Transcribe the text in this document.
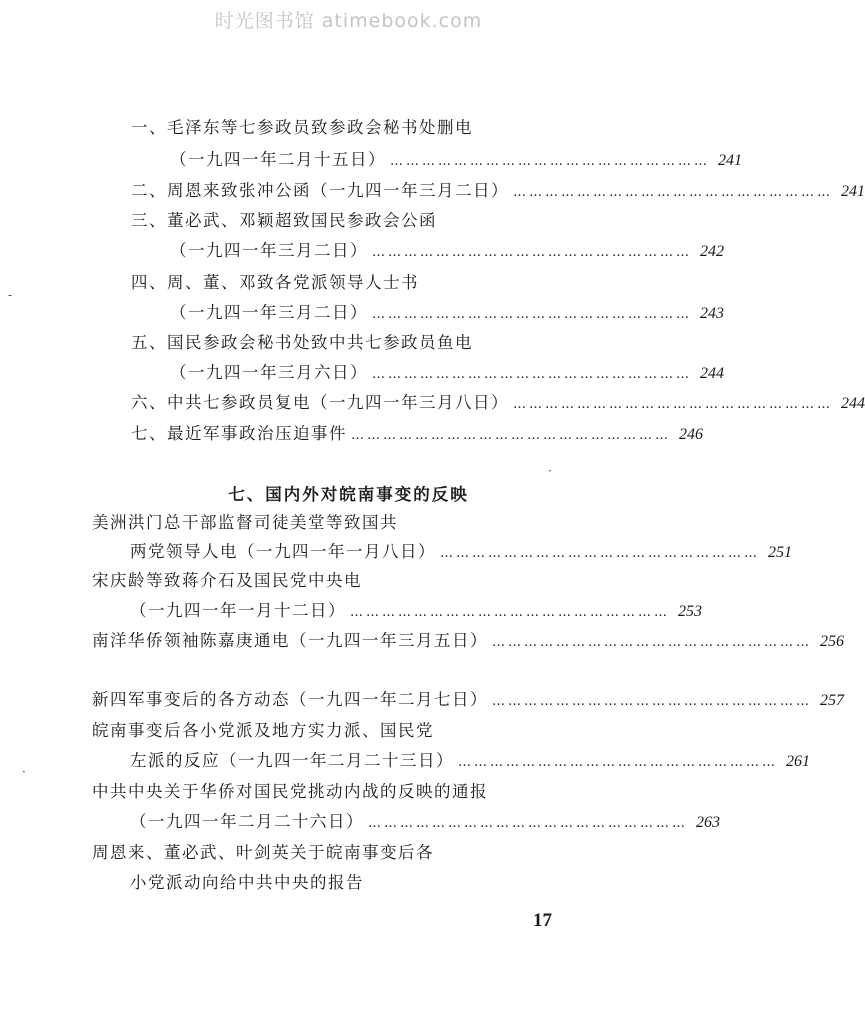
时光图书馆 atimebook.com
一、毛泽东等七参政员致参政会秘书处删电
（一九四一年二月十五日） …………………………………………………… 241
二、周恩来致张冲公函（一九四一年三月二日） …………………………………………………… 241
三、董必武、邓颖超致国民参政会公函
（一九四一年三月二日） …………………………………………………… 242
四、周、董、邓致各党派领导人士书
（一九四一年三月二日） …………………………………………………… 243
五、国民参政会秘书处致中共七参政员鱼电
（一九四一年三月六日） …………………………………………………… 244
六、中共七参政员复电（一九四一年三月八日） …………………………………………………… 244
七、最近军事政治压迫事件 …………………………………………………… 246
七、国内外对皖南事变的反映
美洲洪门总干部监督司徒美堂等致国共
两党领导人电（一九四一年一月八日） …………………………………………………… 251
宋庆龄等致蒋介石及国民党中央电
（一九四一年一月十二日） …………………………………………………… 253
南洋华侨领袖陈嘉庚通电（一九四一年三月五日） …………………………………………………… 256
新四军事变后的各方动态（一九四一年二月七日） …………………………………………………… 257
皖南事变后各小党派及地方实力派、国民党
左派的反应（一九四一年二月二十三日） …………………………………………………… 261
中共中央关于华侨对国民党挑动内战的反映的通报
（一九四一年二月二十六日） …………………………………………………… 263
周恩来、董必武、叶剑英关于皖南事变后各
小党派动向给中共中央的报告
17
-
·
·
